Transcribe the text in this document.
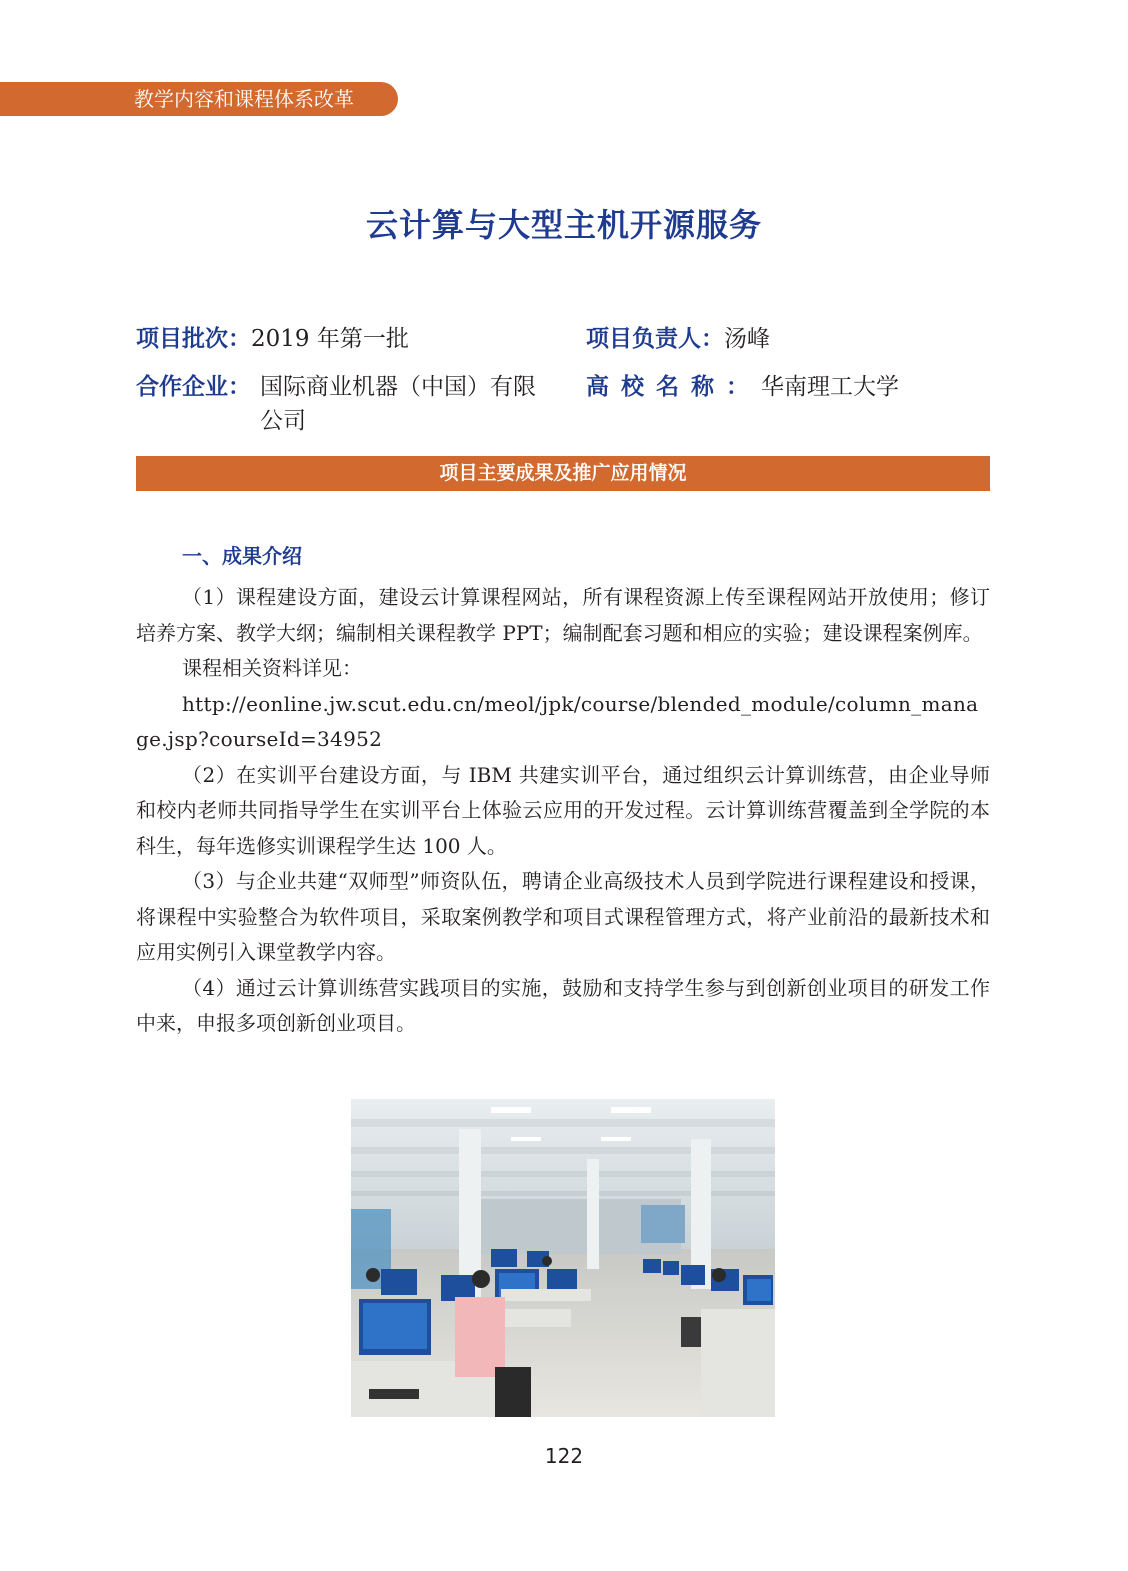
教学内容和课程体系改革
云计算与大型主机开源服务
项目批次：2019 年第一批	项目负责人：汤峰
合作企业： 国际商业机器（中国）有限
公司
高校名称：华南理工大学
项目主要成果及推广应用情况
一、成果介绍

（1）课程建设方面，建设云计算课程网站，所有课程资源上传至课程网站开放使用；修订培养方案、教学大纲；编制相关课程教学 PPT；编制配套习题和相应的实验；建设课程案例库。

课程相关资料详见：

http://eonline.jw.scut.edu.cn/meol/jpk/course/blended_module/column_manage.jsp?courseId=34952

（2）在实训平台建设方面，与 IBM 共建实训平台，通过组织云计算训练营，由企业导师和校内老师共同指导学生在实训平台上体验云应用的开发过程。云计算训练营覆盖到全学院的本科生，每年选修实训课程学生达 100 人。

（3）与企业共建“双师型”师资队伍，聘请企业高级技术人员到学院进行课程建设和授课，将课程中实验整合为软件项目，采取案例教学和项目式课程管理方式，将产业前沿的最新技术和应用实例引入课堂教学内容。

（4）通过云计算训练营实践项目的实施，鼓励和支持学生参与到创新创业项目的研发工作中来，申报多项创新创业项目。

122
